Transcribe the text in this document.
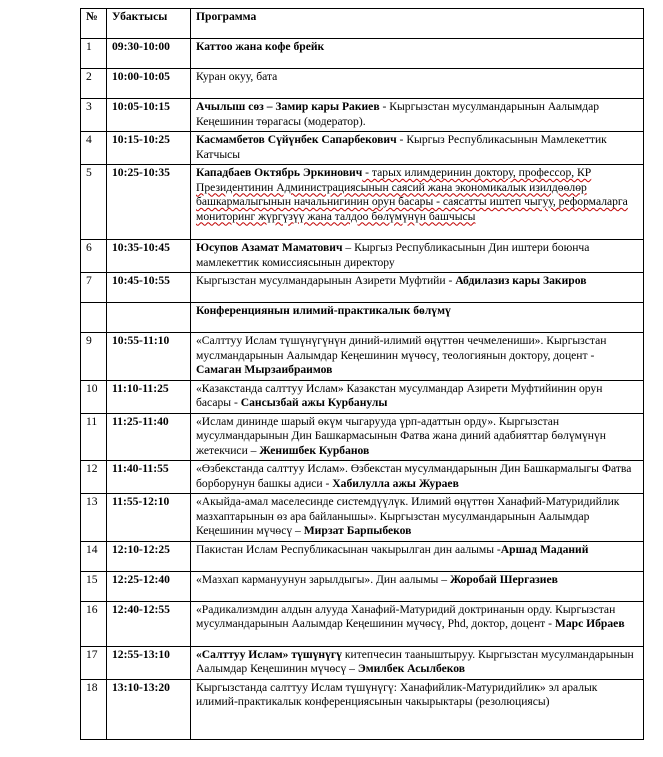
№	Убактысы	Программа
1	09:30-10:00	Каттоо жана кофе брейк
2	10:00-10:05	Куран окуу, бата
3	10:05-10:15	Ачылыш сөз – Замир кары Ракиев - Кыргызстан мусулмандарынын Аалымдар Кеңешинин төрагасы (модератор).
4	10:15-10:25	Касмамбетов Сүйүнбек Сапарбекович - Кыргыз Республикасынын Мамлекеттик Катчысы
5	10:25-10:35	Кападбаев Октябрь Эркинович - тарых илимдеринин доктору, профессор, КР Президентинин Администрациясынын саясий жана экономикалык изилдөөлөр башкармалыгынын начальнигинин орун басары - саясатты иштеп чыгуу, реформаларга мониторинг жүргүзүү жана талдоо бөлүмүнүн башчысы
6	10:35-10:45	Юсупов Азамат Маматович – Кыргыз Республикасынын Дин иштери боюнча мамлекеттик комиссиясынын директору
7	10:45-10:55	Кыргызстан мусулмандарынын Азирети Муфтийи - Абдилазиз кары Закиров
		Конференциянын илимий-практикалык бөлүмү
9	10:55-11:10	«Салттуу Ислам түшүнүгүнүн диний-илимий өңүттөн чечмелениши». Кыргызстан муслмандарынын Аалымдар Кеңешинин мүчөсү, теологиянын доктору, доцент - Самаган Мырзаибраимов
10	11:10-11:25	«Казакстанда салттуу Ислам» Казакстан мусулмандар Азирети Муфтийинин орун басары - Сансызбай ажы Курбанулы
11	11:25-11:40	«Ислам дининде шарый өкүм чыгарууда үрп-адаттын орду». Кыргызстан мусулмандарынын Дин Башкармасынын Фатва жана диний адабияттар бөлүмүнүн жетекчиси – Женишбек Курбанов
12	11:40-11:55	«Өзбекстанда салттуу Ислам». Өзбекстан мусулмандарынын Дин Башкармалыгы Фатва борборунун башкы адиси - Хабилулла ажы Жураев
13	11:55-12:10	«Акыйда-амал маселесинде системдүүлүк. Илимий өңүттөн Ханафий-Матуридийлик мазхаптарынын өз ара байланышы». Кыргызстан мусулмандарынын Аалымдар Кеңешинин мүчөсү – Мирзат Барпыбеков
14	12:10-12:25	Пакистан Ислам Республикасынан чакырылган дин аалымы -Аршад Маданий
15	12:25-12:40	«Мазхап кармануунун зарылдыгы». Дин аалымы – Жоробай Шергазиев
16	12:40-12:55	«Радикализмдин алдын алууда Ханафий-Матуридий доктринанын орду. Кыргызстан мусулмандарынын Аалымдар Кеңешинин мүчөсү, Phd, доктор, доцент - Марс Ибраев
17	12:55-13:10	«Салттуу Ислам» түшүнүгү китепчесин тааныштыруу. Кыргызстан мусулмандарынын Аалымдар Кеңешинин мүчөсү – Эмилбек Асылбеков
18	13:10-13:20	Кыргызстанда салттуу Ислам түшүнүгү: Ханафийлик-Матуридийлик» эл аралык илимий-практикалык конференциясынын чакырыктары (резолюциясы)
